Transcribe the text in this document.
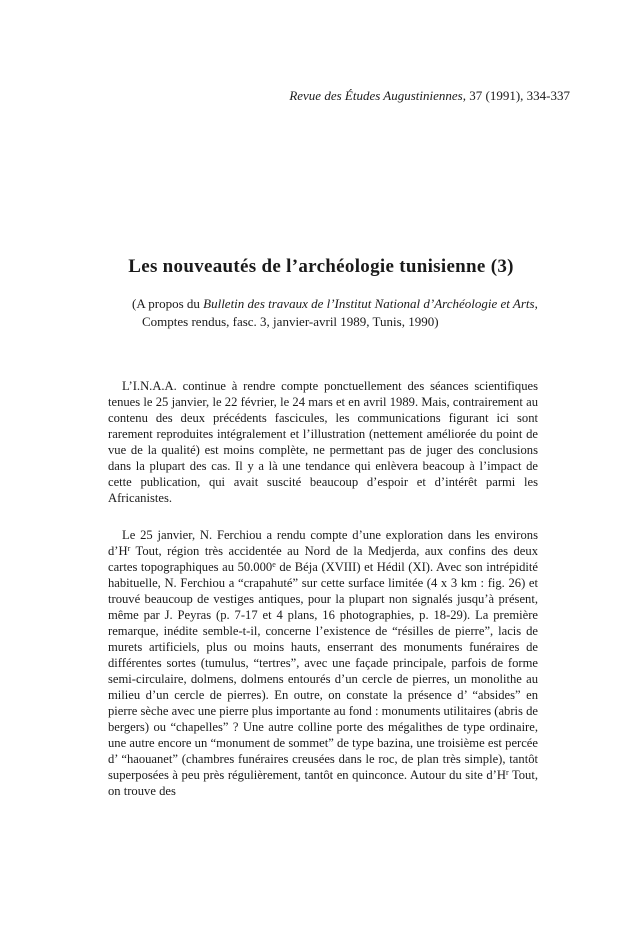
Revue des Études Augustiniennes, 37 (1991), 334-337
Les nouveautés de l’archéologie tunisienne (3)
(A propos du Bulletin des travaux de l’Institut National d’Archéologie et Arts, Comptes rendus, fasc. 3, janvier-avril 1989, Tunis, 1990)

L’I.N.A.A. continue à rendre compte ponctuellement des séances scientifiques tenues le 25 janvier, le 22 février, le 24 mars et en avril 1989. Mais, contrairement au contenu des deux précédents fascicules, les communications figurant ici sont rarement reproduites intégralement et l’illustration (nettement améliorée du point de vue de la qualité) est moins complète, ne permettant pas de juger des conclusions dans la plupart des cas. Il y a là une tendance qui enlèvera beacoup à l’impact de cette publication, qui avait suscité beaucoup d’espoir et d’intérêt parmi les Africanistes.

Le 25 janvier, N. Ferchiou a rendu compte d’une exploration dans les environs $d’H^r$ Tout, région très accidentée au Nord de la Medjerda, aux confins des deux cartes topographiques au 50.000e de Béja (XVIII) et Hédil (XI). Avec son intrépidité habituelle, N. Ferchiou a “crapahuté” sur cette surface limitée (4 x 3 km : fig. 26) et trouvé beaucoup de vestiges antiques, pour la plupart non signalés jusqu’à présent, même par J. Peyras (p. 7-17 et 4 plans, 16 photographies, p. 18-29). La première remarque, inédite semble-t-il, concerne l’existence de “résilles de pierre”, lacis de murets artificiels, plus ou moins hauts, enserrant des monuments funéraires de différentes sortes (tumulus, “tertres”, avec une façade principale, parfois de forme semi-circulaire, dolmens, dolmens entourés d’un cercle de pierres, un monolithe au milieu d’un cercle de pierres). En outre, on constate la présence d’ “absides” en pierre sèche avec une pierre plus importante au fond : monuments utilitaires (abris de bergers) ou “chapelles” ? Une autre colline porte des mégalithes de type ordinaire, une autre encore un “monument de sommet” de type bazina, une troisième est percée d’ “haouanet” (chambres funéraires creusées dans le roc, de plan très simple), tantôt superposées à peu près régulièrement, tantôt en quinconce. Autour du site $d’H^r$ Tout, on trouve des
